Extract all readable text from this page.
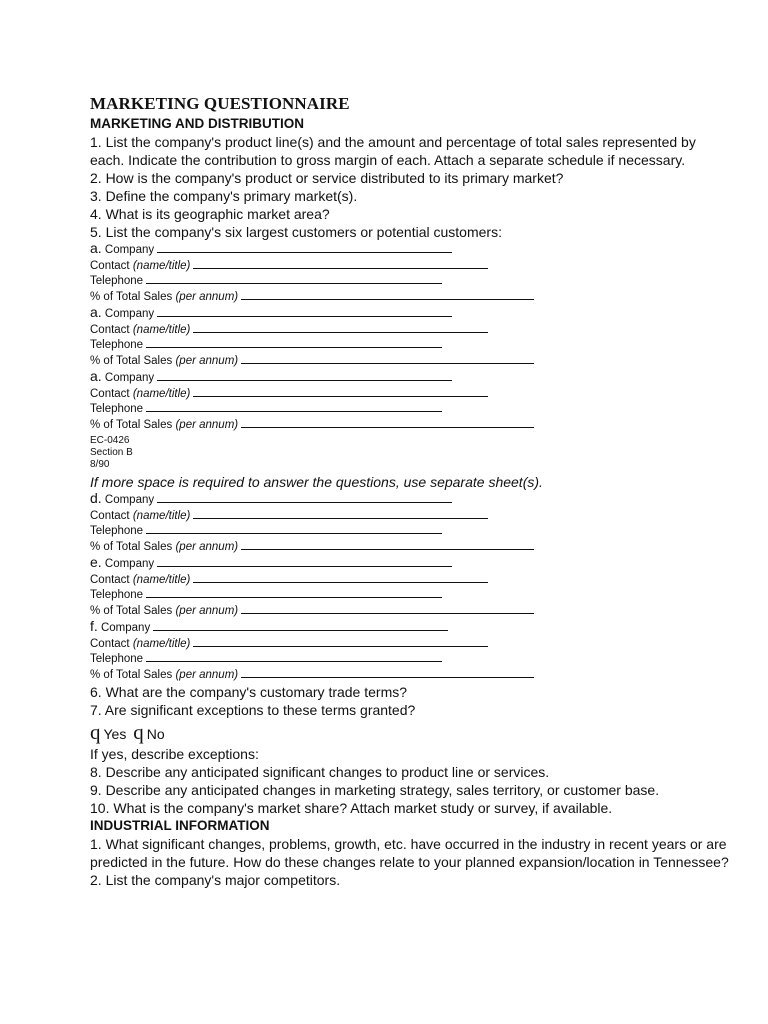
MARKETING QUESTIONNAIRE
MARKETING AND DISTRIBUTION

1. List the company's product line(s) and the amount and percentage of total sales represented by each. Indicate the contribution to gross margin of each. Attach a separate schedule if necessary.

2. How is the company's product or service distributed to its primary market?

3. Define the company's primary market(s).

4. What is its geographic market area?

5. List the company's six largest customers or potential customers:

a. Company

Contact (name/title)

Telephone

% of Total Sales (per annum)

a. Company

Contact (name/title)

Telephone

% of Total Sales (per annum)

a. Company

Contact (name/title)

Telephone

% of Total Sales (per annum)

EC-0426

Section B

8/90

If more space is required to answer the questions, use separate sheet(s).

d. Company

Contact (name/title)

Telephone

% of Total Sales (per annum)

e. Company

Contact (name/title)

Telephone

% of Total Sales (per annum)

f. Company

Contact (name/title)

Telephone

% of Total Sales (per annum)

6. What are the company's customary trade terms?

7. Are significant exceptions to these terms granted?

q Yes q No

If yes, describe exceptions:

8. Describe any anticipated significant changes to product line or services.

9. Describe any anticipated changes in marketing strategy, sales territory, or customer base.

10. What is the company's market share? Attach market study or survey, if available.

INDUSTRIAL INFORMATION

1. What significant changes, problems, growth, etc. have occurred in the industry in recent years or are predicted in the future. How do these changes relate to your planned expansion/location in Tennessee?

2. List the company's major competitors.
